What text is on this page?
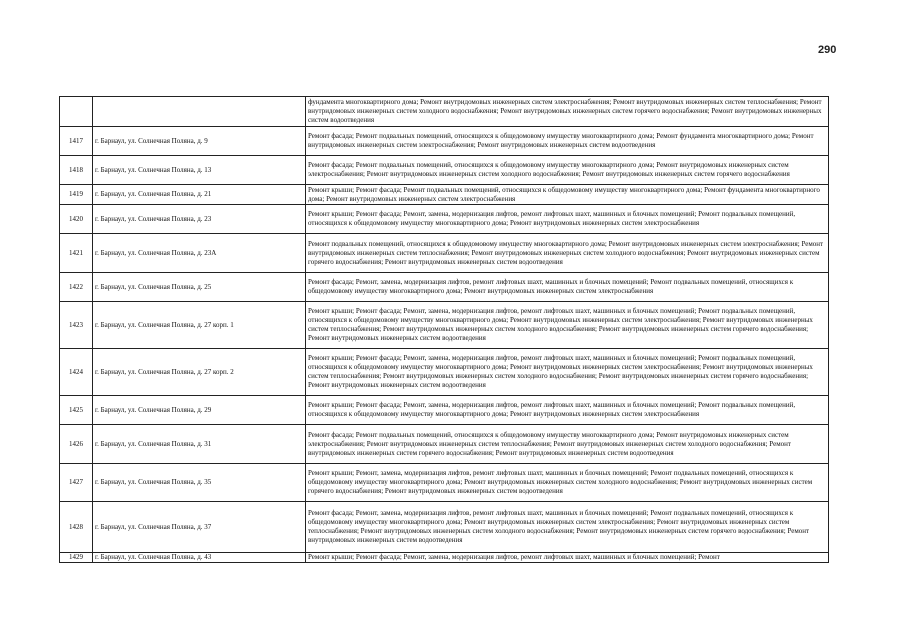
290
		фундамента многоквартирного дома; Ремонт внутридомовых инженерных систем электроснабжения; Ремонт внутридомовых инженерных систем теплоснабжения; Ремонт внутридомовых инженерных систем холодного водоснабжения; Ремонт внутридомовых инженерных систем горячего водоснабжения; Ремонт внутридомовых инженерных систем водоотведения
1417	г. Барнаул, ул. Солнечная Поляна, д. 9	Ремонт фасада; Ремонт подвальных помещений, относящихся к общедомовому имуществу многоквартирного дома; Ремонт фундамента многоквартирного дома; Ремонт внутридомовых инженерных систем электроснабжения; Ремонт внутридомовых инженерных систем водоотведения
1418	г. Барнаул, ул. Солнечная Поляна, д. 13	Ремонт фасада; Ремонт подвальных помещений, относящихся к общедомовому имуществу многоквартирного дома; Ремонт внутридомовых инженерных систем электроснабжения; Ремонт внутридомовых инженерных систем холодного водоснабжения; Ремонт внутридомовых инженерных систем горячего водоснабжения
1419	г. Барнаул, ул. Солнечная Поляна, д. 21	Ремонт крыши; Ремонт фасада; Ремонт подвальных помещений, относящихся к общедомовому имуществу многоквартирного дома; Ремонт фундамента многоквартирного дома; Ремонт внутридомовых инженерных систем электроснабжения
1420	г. Барнаул, ул. Солнечная Поляна, д. 23	Ремонт крыши; Ремонт фасада; Ремонт, замена, модернизация лифтов, ремонт лифтовых шахт, машинных и блочных помещений; Ремонт подвальных помещений, относящихся к общедомовому имуществу многоквартирного дома; Ремонт внутридомовых инженерных систем электроснабжения
1421	г. Барнаул, ул. Солнечная Поляна, д. 23А	Ремонт подвальных помещений, относящихся к общедомовому имуществу многоквартирного дома; Ремонт внутридомовых инженерных систем электроснабжения; Ремонт внутридомовых инженерных систем теплоснабжения; Ремонт внутридомовых инженерных систем холодного водоснабжения; Ремонт внутридомовых инженерных систем горячего водоснабжения; Ремонт внутридомовых инженерных систем водоотведения
1422	г. Барнаул, ул. Солнечная Поляна, д. 25	Ремонт фасада; Ремонт, замена, модернизация лифтов, ремонт лифтовых шахт, машинных и блочных помещений; Ремонт подвальных помещений, относящихся к общедомовому имуществу многоквартирного дома; Ремонт внутридомовых инженерных систем электроснабжения
1423	г. Барнаул, ул. Солнечная Поляна, д. 27 корп. 1	Ремонт крыши; Ремонт фасада; Ремонт, замена, модернизация лифтов, ремонт лифтовых шахт, машинных и блочных помещений; Ремонт подвальных помещений, относящихся к общедомовому имуществу многоквартирного дома; Ремонт внутридомовых инженерных систем электроснабжения; Ремонт внутридомовых инженерных систем теплоснабжения; Ремонт внутридомовых инженерных систем холодного водоснабжения; Ремонт внутридомовых инженерных систем горячего водоснабжения; Ремонт внутридомовых инженерных систем водоотведения
1424	г. Барнаул, ул. Солнечная Поляна, д. 27 корп. 2	Ремонт крыши; Ремонт фасада; Ремонт, замена, модернизация лифтов, ремонт лифтовых шахт, машинных и блочных помещений; Ремонт подвальных помещений, относящихся к общедомовому имуществу многоквартирного дома; Ремонт внутридомовых инженерных систем электроснабжения; Ремонт внутридомовых инженерных систем теплоснабжения; Ремонт внутридомовых инженерных систем холодного водоснабжения; Ремонт внутридомовых инженерных систем горячего водоснабжения; Ремонт внутридомовых инженерных систем водоотведения
1425	г. Барнаул, ул. Солнечная Поляна, д. 29	Ремонт крыши; Ремонт фасада; Ремонт, замена, модернизация лифтов, ремонт лифтовых шахт, машинных и блочных помещений; Ремонт подвальных помещений, относящихся к общедомовому имуществу многоквартирного дома; Ремонт внутридомовых инженерных систем электроснабжения
1426	г. Барнаул, ул. Солнечная Поляна, д. 31	Ремонт фасада; Ремонт подвальных помещений, относящихся к общедомовому имуществу многоквартирного дома; Ремонт внутридомовых инженерных систем электроснабжения; Ремонт внутридомовых инженерных систем теплоснабжения; Ремонт внутридомовых инженерных систем холодного водоснабжения; Ремонт внутридомовых инженерных систем горячего водоснабжения; Ремонт внутридомовых инженерных систем водоотведения
1427	г. Барнаул, ул. Солнечная Поляна, д. 35	Ремонт крыши; Ремонт, замена, модернизация лифтов, ремонт лифтовых шахт, машинных и блочных помещений; Ремонт подвальных помещений, относящихся к общедомовому имуществу многоквартирного дома; Ремонт внутридомовых инженерных систем холодного водоснабжения; Ремонт внутридомовых инженерных систем горячего водоснабжения; Ремонт внутридомовых инженерных систем водоотведения
1428	г. Барнаул, ул. Солнечная Поляна, д. 37	Ремонт фасада; Ремонт, замена, модернизация лифтов, ремонт лифтовых шахт, машинных и блочных помещений; Ремонт подвальных помещений, относящихся к общедомовому имуществу многоквартирного дома; Ремонт внутридомовых инженерных систем электроснабжения; Ремонт внутридомовых инженерных систем теплоснабжения; Ремонт внутридомовых инженерных систем холодного водоснабжения; Ремонт внутридомовых инженерных систем горячего водоснабжения; Ремонт внутридомовых инженерных систем водоотведения
1429	г. Барнаул, ул. Солнечная Поляна, д. 43	Ремонт крыши; Ремонт фасада; Ремонт, замена, модернизация лифтов, ремонт лифтовых шахт, машинных и блочных помещений; Ремонт
